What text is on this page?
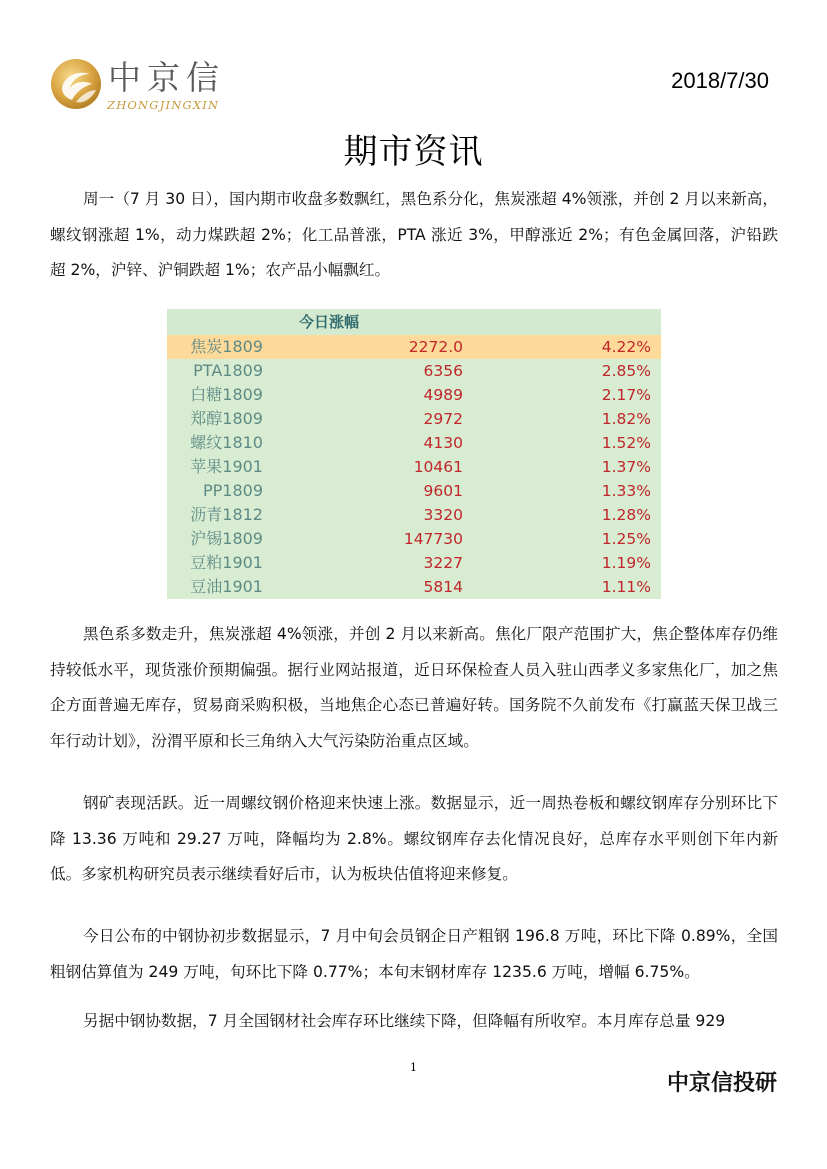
中京信
ZHONGJINGXIN
2018/7/30
期市资讯

周一（7 月 30 日），国内期市收盘多数飘红，黑色系分化，焦炭涨超 4%领涨，并创 2 月以来新高，螺纹钢涨超 1%，动力煤跌超 2%；化工品普涨，PTA 涨近 3%，甲醇涨近 2%；有色金属回落，沪铅跌超 2%，沪锌、沪铜跌超 1%；农产品小幅飘红。

今日涨幅
焦炭1809	2272.0	4.22%
PTA1809	6356	2.85%
白糖1809	4989	2.17%
郑醇1809	2972	1.82%
螺纹1810	4130	1.52%
苹果1901	10461	1.37%
PP1809	9601	1.33%
沥青1812	3320	1.28%
沪锡1809	147730	1.25%
豆粕1901	3227	1.19%
豆油1901	5814	1.11%

黑色系多数走升，焦炭涨超 4%领涨，并创 2 月以来新高。焦化厂限产范围扩大，焦企整体库存仍维持较低水平，现货涨价预期偏强。据行业网站报道，近日环保检查人员入驻山西孝义多家焦化厂，加之焦企方面普遍无库存，贸易商采购积极，当地焦企心态已普遍好转。国务院不久前发布《打赢蓝天保卫战三年行动计划》，汾渭平原和长三角纳入大气污染防治重点区域。

钢矿表现活跃。近一周螺纹钢价格迎来快速上涨。数据显示，近一周热卷板和螺纹钢库存分别环比下降 13.36 万吨和 29.27 万吨，降幅均为 2.8%。螺纹钢库存去化情况良好，总库存水平则创下年内新低。多家机构研究员表示继续看好后市，认为板块估值将迎来修复。

今日公布的中钢协初步数据显示，7 月中旬会员钢企日产粗钢 196.8 万吨，环比下降 0.89%，全国粗钢估算值为 249 万吨，旬环比下降 0.77%；本旬末钢材库存 1235.6 万吨，增幅 6.75%。

另据中钢协数据，7 月全国钢材社会库存环比继续下降，但降幅有所收窄。本月库存总量 929

1
中京信投研
